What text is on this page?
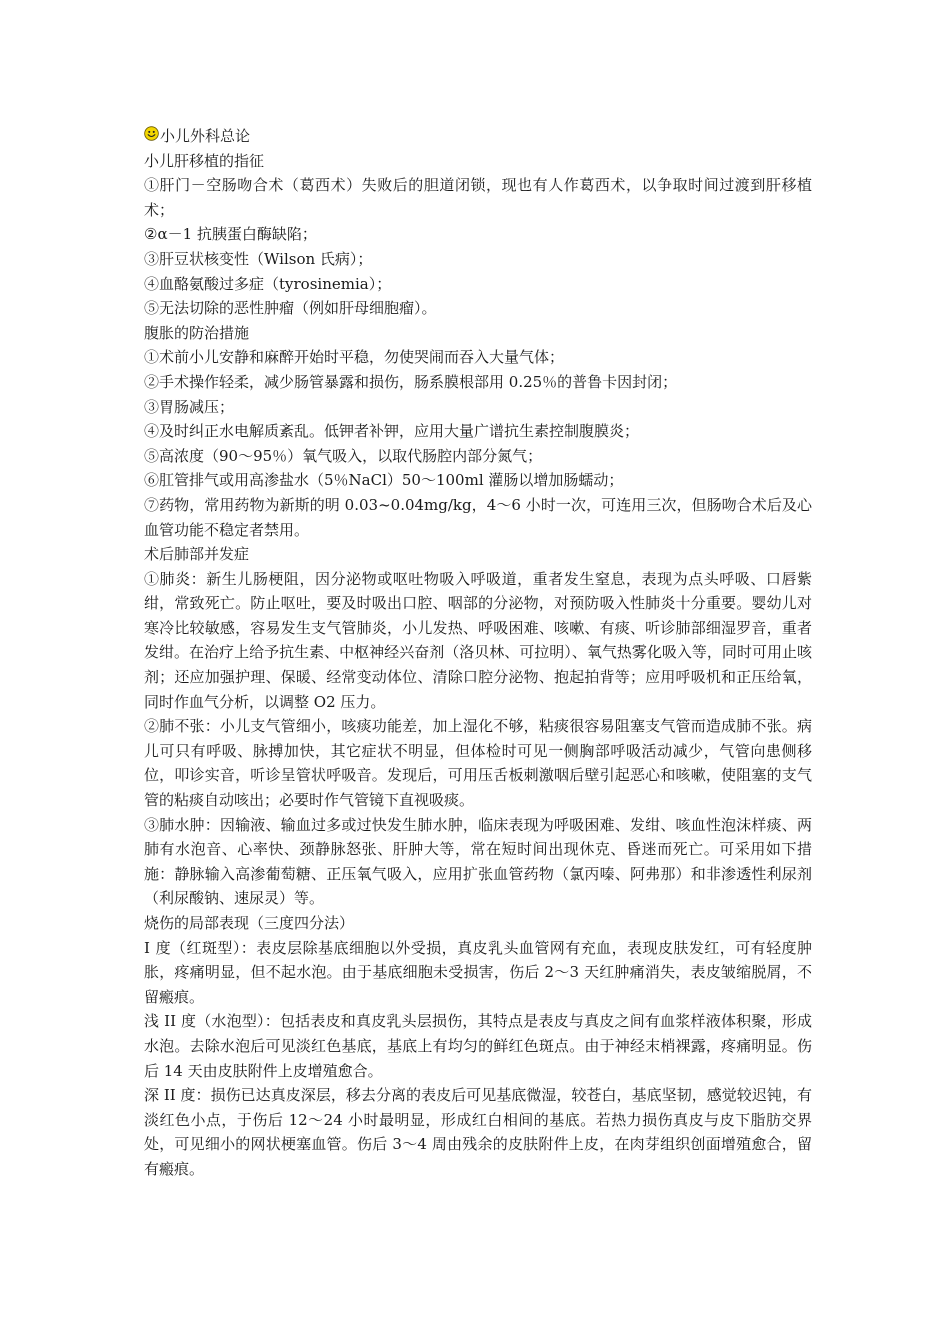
小儿外科总论

小儿肝移植的指征

①肝门－空肠吻合术（葛西术）失败后的胆道闭锁，现也有人作葛西术，以争取时间过渡到肝移植术；

②α－1 抗胰蛋白酶缺陷；

③肝豆状核变性（Wilson 氏病）；

④血酪氨酸过多症（tyrosinemia）；

⑤无法切除的恶性肿瘤（例如肝母细胞瘤）。

腹胀的防治措施

①术前小儿安静和麻醉开始时平稳，勿使哭闹而吞入大量气体；

②手术操作轻柔，减少肠管暴露和损伤，肠系膜根部用 0.25％的普鲁卡因封闭；

③胃肠减压；

④及时纠正水电解质紊乱。低钾者补钾，应用大量广谱抗生素控制腹膜炎；

⑤高浓度（90～95％）氧气吸入，以取代肠腔内部分氮气；

⑥肛管排气或用高渗盐水（5％NaCl）50～100ml 灌肠以增加肠蠕动；

⑦药物，常用药物为新斯的明 0.03~0.04mg/kg，4～6 小时一次，可连用三次，但肠吻合术后及心血管功能不稳定者禁用。

术后肺部并发症

①肺炎：新生儿肠梗阻，因分泌物或呕吐物吸入呼吸道，重者发生窒息，表现为点头呼吸、口唇紫绀，常致死亡。防止呕吐，要及时吸出口腔、咽部的分泌物，对预防吸入性肺炎十分重要。婴幼儿对寒冷比较敏感，容易发生支气管肺炎，小儿发热、呼吸困难、咳嗽、有痰、听诊肺部细湿罗音，重者发绀。在治疗上给予抗生素、中枢神经兴奋剂（洛贝林、可拉明）、氧气热雾化吸入等，同时可用止咳剂；还应加强护理、保暖、经常变动体位、清除口腔分泌物、抱起拍背等；应用呼吸机和正压给氧，同时作血气分析，以调整 O2 压力。

②肺不张：小儿支气管细小，咳痰功能差，加上湿化不够，粘痰很容易阻塞支气管而造成肺不张。病儿可只有呼吸、脉搏加快，其它症状不明显，但体检时可见一侧胸部呼吸活动减少，气管向患侧移位，叩诊实音，听诊呈管状呼吸音。发现后，可用压舌板刺激咽后壁引起恶心和咳嗽，使阻塞的支气管的粘痰自动咳出；必要时作气管镜下直视吸痰。

③肺水肿：因输液、输血过多或过快发生肺水肿，临床表现为呼吸困难、发绀、咳血性泡沫样痰、两肺有水泡音、心率快、颈静脉怒张、肝肿大等，常在短时间出现休克、昏迷而死亡。可采用如下措施：静脉输入高渗葡萄糖、正压氧气吸入，应用扩张血管药物（氯丙嗪、阿弗那）和非渗透性利尿剂（利尿酸钠、速尿灵）等。

烧伤的局部表现（三度四分法）

Ⅰ 度（红斑型）：表皮层除基底细胞以外受损，真皮乳头血管网有充血，表现皮肤发红，可有轻度肿胀，疼痛明显，但不起水泡。由于基底细胞未受损害，伤后 2～3 天红肿痛消失，表皮皱缩脱屑，不留瘢痕。

浅 II 度（水泡型）：包括表皮和真皮乳头层损伤，其特点是表皮与真皮之间有血浆样液体积聚，形成水泡。去除水泡后可见淡红色基底，基底上有均匀的鲜红色斑点。由于神经末梢裸露，疼痛明显。伤后 14 天由皮肤附件上皮增殖愈合。

深 II 度：损伤已达真皮深层，移去分离的表皮后可见基底微湿，较苍白，基底坚韧，感觉较迟钝，有淡红色小点，于伤后 12～24 小时最明显，形成红白相间的基底。若热力损伤真皮与皮下脂肪交界处，可见细小的网状梗塞血管。伤后 3～4 周由残余的皮肤附件上皮，在肉芽组织创面增殖愈合，留有瘢痕。
